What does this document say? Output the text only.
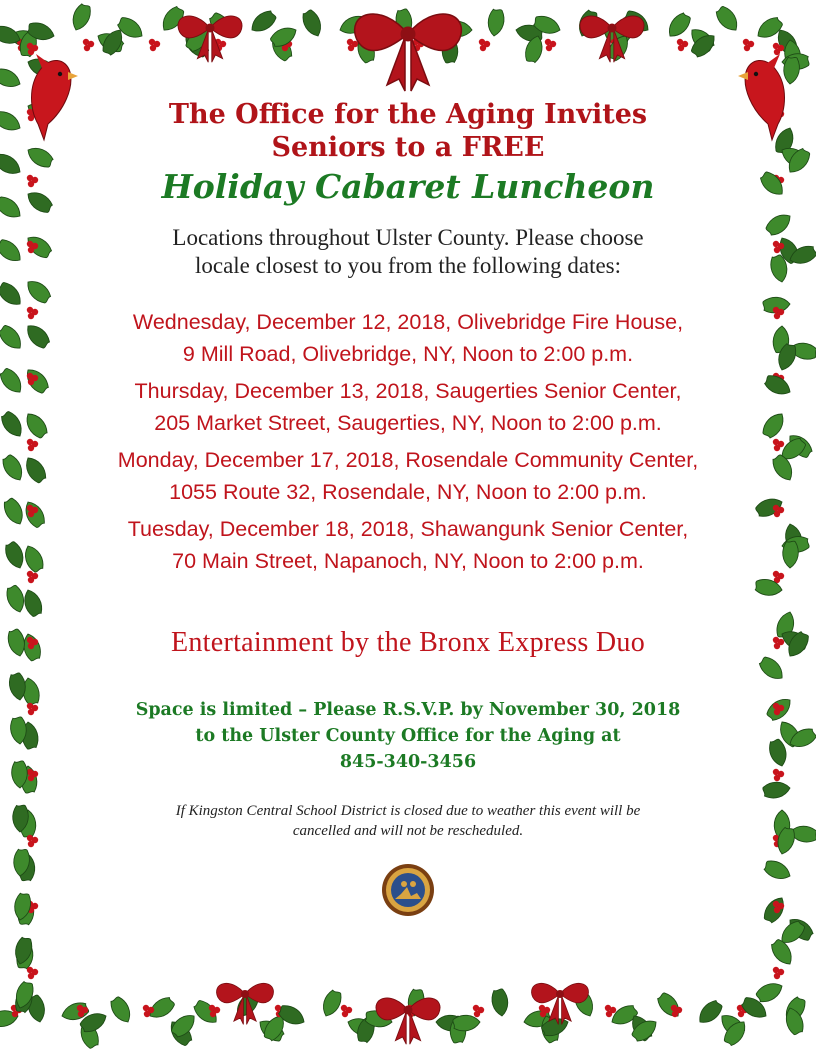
The Office for the Aging Invites
Seniors to a FREE

Holiday Cabaret Luncheon

Locations throughout Ulster County. Please choose
locale closest to you from the following dates:

Wednesday, December 12, 2018, Olivebridge Fire House,
9 Mill Road, Olivebridge, NY, Noon to 2:00 p.m.

Thursday, December 13, 2018, Saugerties Senior Center,
205 Market Street, Saugerties, NY, Noon to 2:00 p.m.

Monday, December 17, 2018, Rosendale Community Center,
1055 Route 32, Rosendale, NY, Noon to 2:00 p.m.

Tuesday, December 18, 2018, Shawangunk Senior Center,
70 Main Street, Napanoch, NY, Noon to 2:00 p.m.

Entertainment by the Bronx Express Duo

Space is limited – Please R.S.V.P. by November 30, 2018
to the Ulster County Office for the Aging at
845-340-3456

If Kingston Central School District is closed due to weather this event will be
cancelled and will not be rescheduled.
